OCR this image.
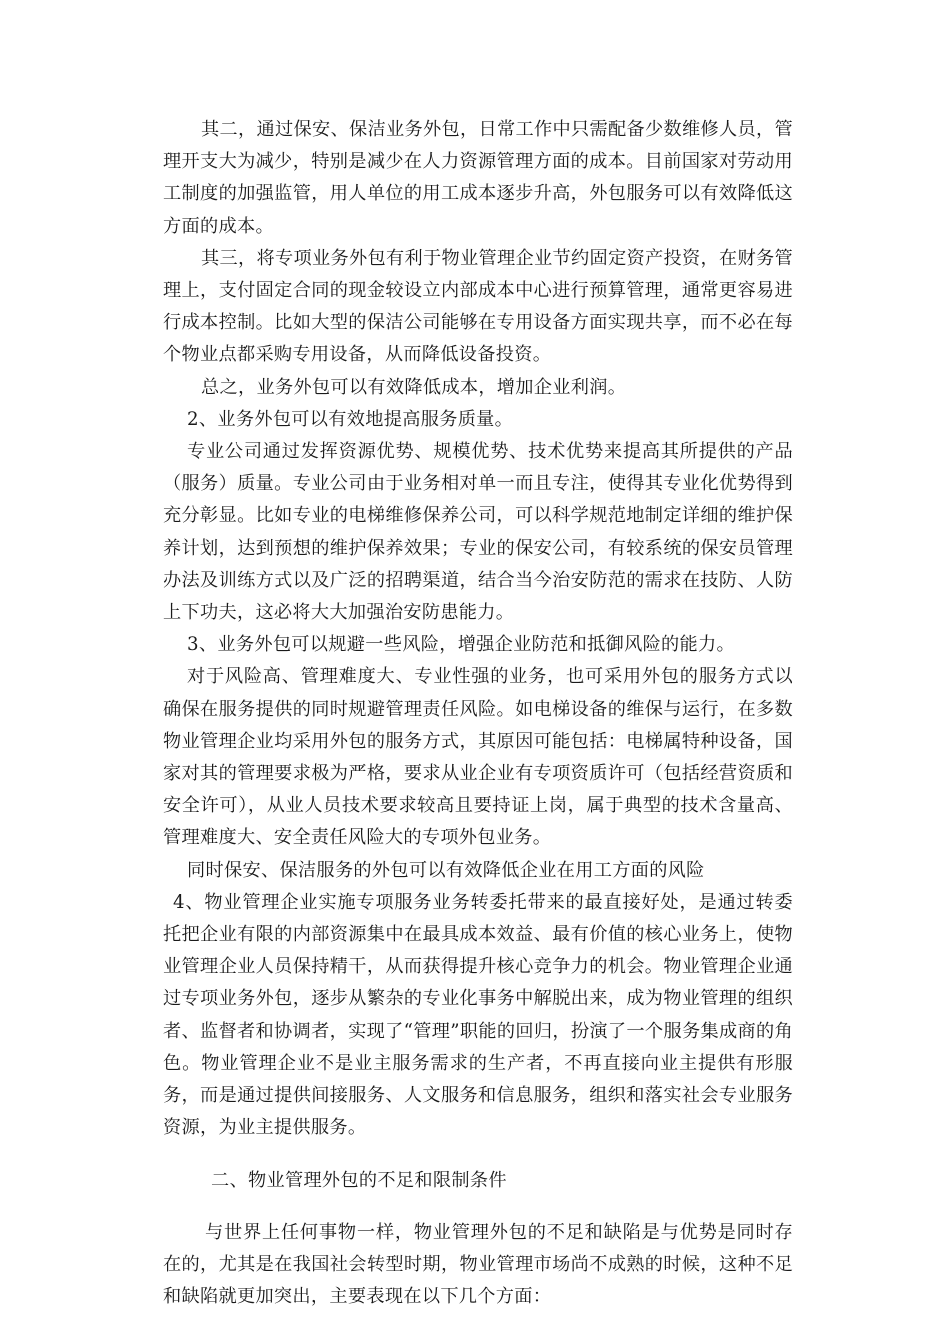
其二，通过保安、保洁业务外包，日常工作中只需配备少数维修人员，管理开支大为减少，特别是减少在人力资源管理方面的成本。目前国家对劳动用工制度的加强监管，用人单位的用工成本逐步升高，外包服务可以有效降低这方面的成本。

其三，将专项业务外包有利于物业管理企业节约固定资产投资，在财务管理上，支付固定合同的现金较设立内部成本中心进行预算管理，通常更容易进行成本控制。比如大型的保洁公司能够在专用设备方面实现共享，而不必在每个物业点都采购专用设备，从而降低设备投资。

总之，业务外包可以有效降低成本，增加企业利润。

2、业务外包可以有效地提高服务质量。

专业公司通过发挥资源优势、规模优势、技术优势来提高其所提供的产品（服务）质量。专业公司由于业务相对单一而且专注，使得其专业化优势得到充分彰显。比如专业的电梯维修保养公司，可以科学规范地制定详细的维护保养计划，达到预想的维护保养效果；专业的保安公司，有较系统的保安员管理办法及训练方式以及广泛的招聘渠道，结合当今治安防范的需求在技防、人防上下功夫，这必将大大加强治安防患能力。

3、业务外包可以规避一些风险，增强企业防范和抵御风险的能力。

对于风险高、管理难度大、专业性强的业务，也可采用外包的服务方式以确保在服务提供的同时规避管理责任风险。如电梯设备的维保与运行，在多数物业管理企业均采用外包的服务方式，其原因可能包括：电梯属特种设备，国家对其的管理要求极为严格，要求从业企业有专项资质许可（包括经营资质和安全许可），从业人员技术要求较高且要持证上岗，属于典型的技术含量高、管理难度大、安全责任风险大的专项外包业务。

同时保安、保洁服务的外包可以有效降低企业在用工方面的风险

4、物业管理企业实施专项服务业务转委托带来的最直接好处，是通过转委托把企业有限的内部资源集中在最具成本效益、最有价值的核心业务上，使物业管理企业人员保持精干，从而获得提升核心竞争力的机会。物业管理企业通过专项业务外包，逐步从繁杂的专业化事务中解脱出来，成为物业管理的组织者、监督者和协调者，实现了“管理”职能的回归，扮演了一个服务集成商的角色。物业管理企业不是业主服务需求的生产者，不再直接向业主提供有形服务，而是通过提供间接服务、人文服务和信息服务，组织和落实社会专业服务资源，为业主提供服务。

二、物业管理外包的不足和限制条件

与世界上任何事物一样，物业管理外包的不足和缺陷是与优势是同时存在的，尤其是在我国社会转型时期，物业管理市场尚不成熟的时候，这种不足和缺陷就更加突出，主要表现在以下几个方面：
